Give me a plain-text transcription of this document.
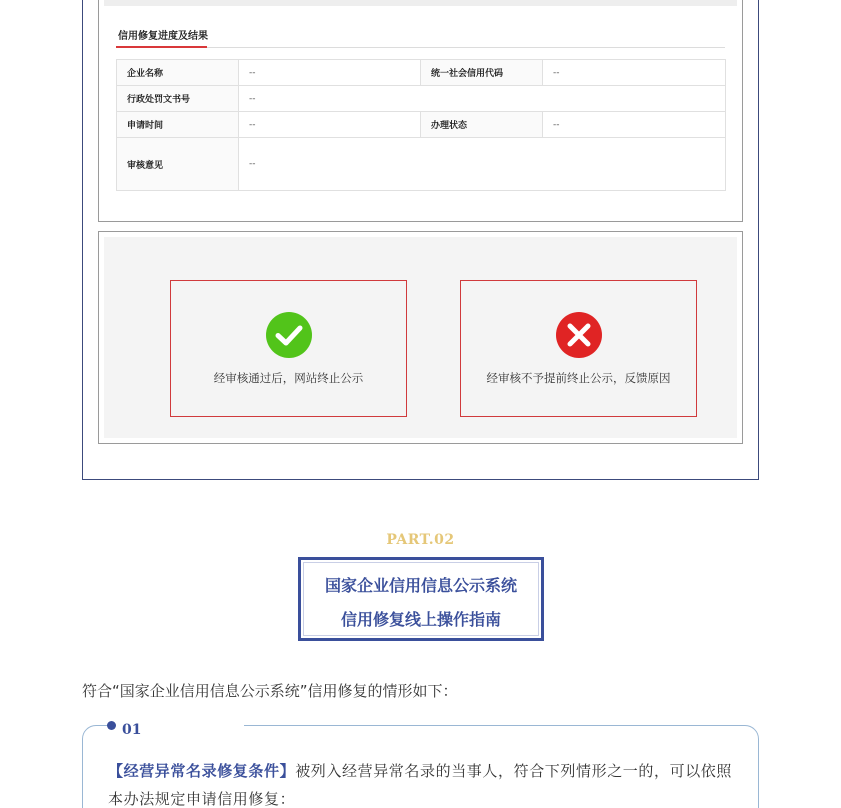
信用修复进度及结果
企业名称	--	统一社会信用代码	--
行政处罚文书号	--		
申请时间	--	办理状态	--
审核意见	--		
经审核通过后，网站终止公示	经审核不予提前终止公示，反馈原因
PART.02
国家企业信用信息公示系统
信用修复线上操作指南
符合“国家企业信用信息公示系统”信用修复的情形如下：
01
【经营异常名录修复条件】被列入经营异常名录的当事人，符合下列情形之一的，可以依照本办法规定申请信用修复：
